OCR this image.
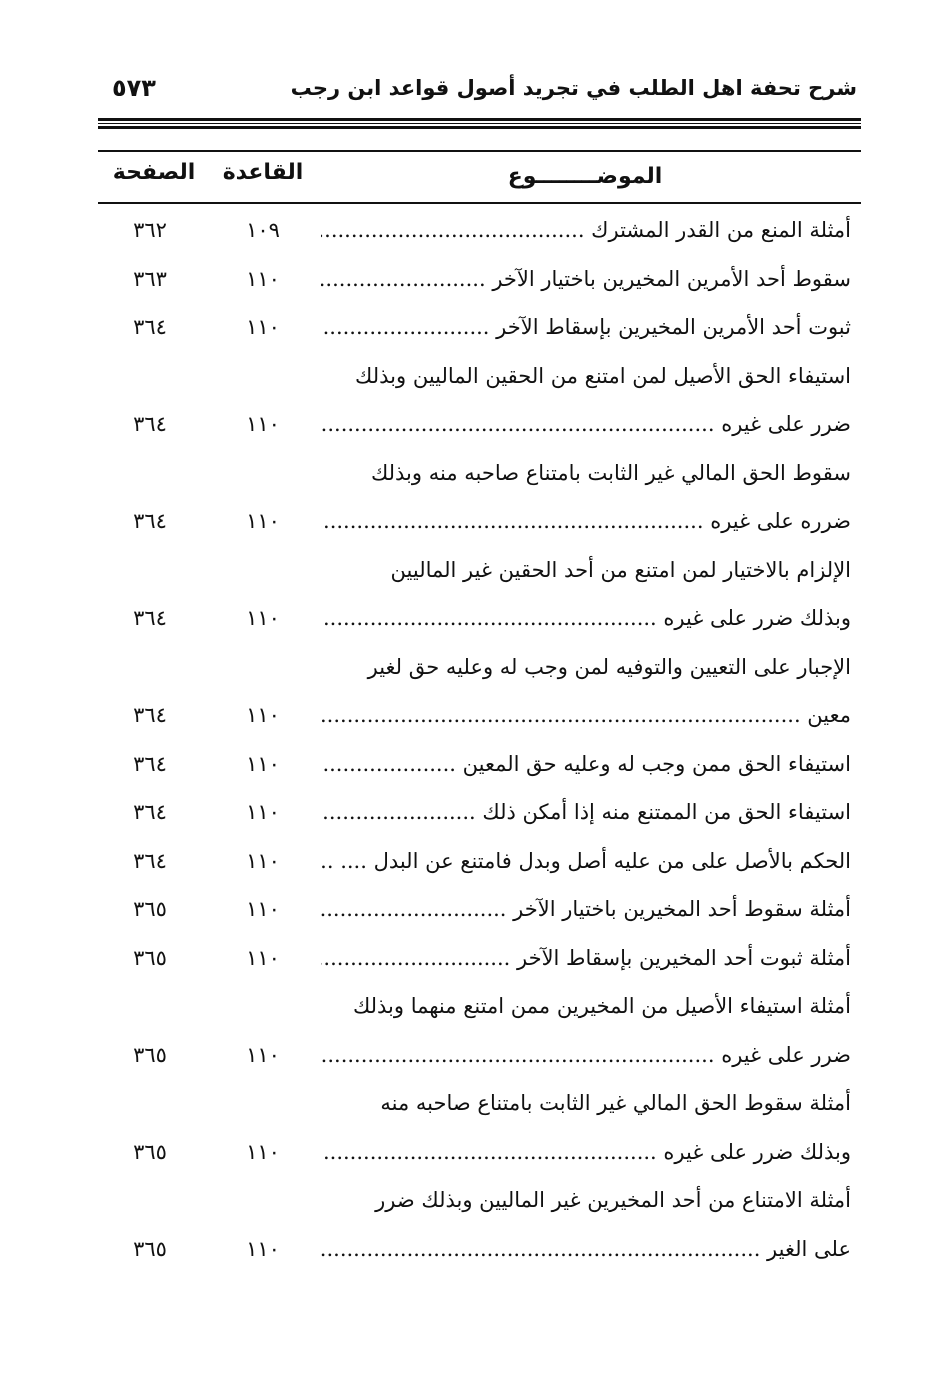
شرح تحفة اهل الطلب في تجريد أصول قواعد ابن رجب
٥٧٣
الموضــــــــوع
القاعدة
الصفحة
أمثلة المنع من القدر المشترك .....
١٠٩
٣٦٢
سقوط أحد الأمرين المخيرين باختيار الآخر .....
١١٠
٣٦٣
ثبوت أحد الأمرين المخيرين بإسقاط الآخر .....
١١٠
٣٦٤
استيفاء الحق الأصيل لمن امتنع من الحقين الماليين وبذلك
ضرر على غيره .....
١١٠
٣٦٤
سقوط الحق المالي غير الثابت بامتناع صاحبه منه وبذلك
ضرره على غيره .....
١١٠
٣٦٤
الإلزام بالاختيار لمن امتنع من أحد الحقين غير الماليين
وبذلك ضرر على غيره .....
١١٠
٣٦٤
الإجبار على التعيين والتوفيه لمن وجب له وعليه حق لغير
معين .....
١١٠
٣٦٤
استيفاء الحق ممن وجب له وعليه حق المعين .....
١١٠
٣٦٤
استيفاء الحق من الممتنع منه إذا أمكن ذلك .....
١١٠
٣٦٤
الحكم بالأصل على من عليه أصل وبدل فامتنع عن البدل .... .....
١١٠
٣٦٤
أمثلة سقوط أحد المخيرين باختيار الآخر .....
١١٠
٣٦٥
أمثلة ثبوت أحد المخيرين بإسقاط الآخر .....
١١٠
٣٦٥
أمثلة استيفاء الأصيل من المخيرين ممن امتنع منهما وبذلك
ضرر على غيره .....
١١٠
٣٦٥
أمثلة سقوط الحق المالي غير الثابت بامتناع صاحبه منه
وبذلك ضرر على غيره .....
١١٠
٣٦٥
أمثلة الامتناع من أحد المخيرين غير الماليين وبذلك ضرر
على الغير .....
١١٠
٣٦٥
